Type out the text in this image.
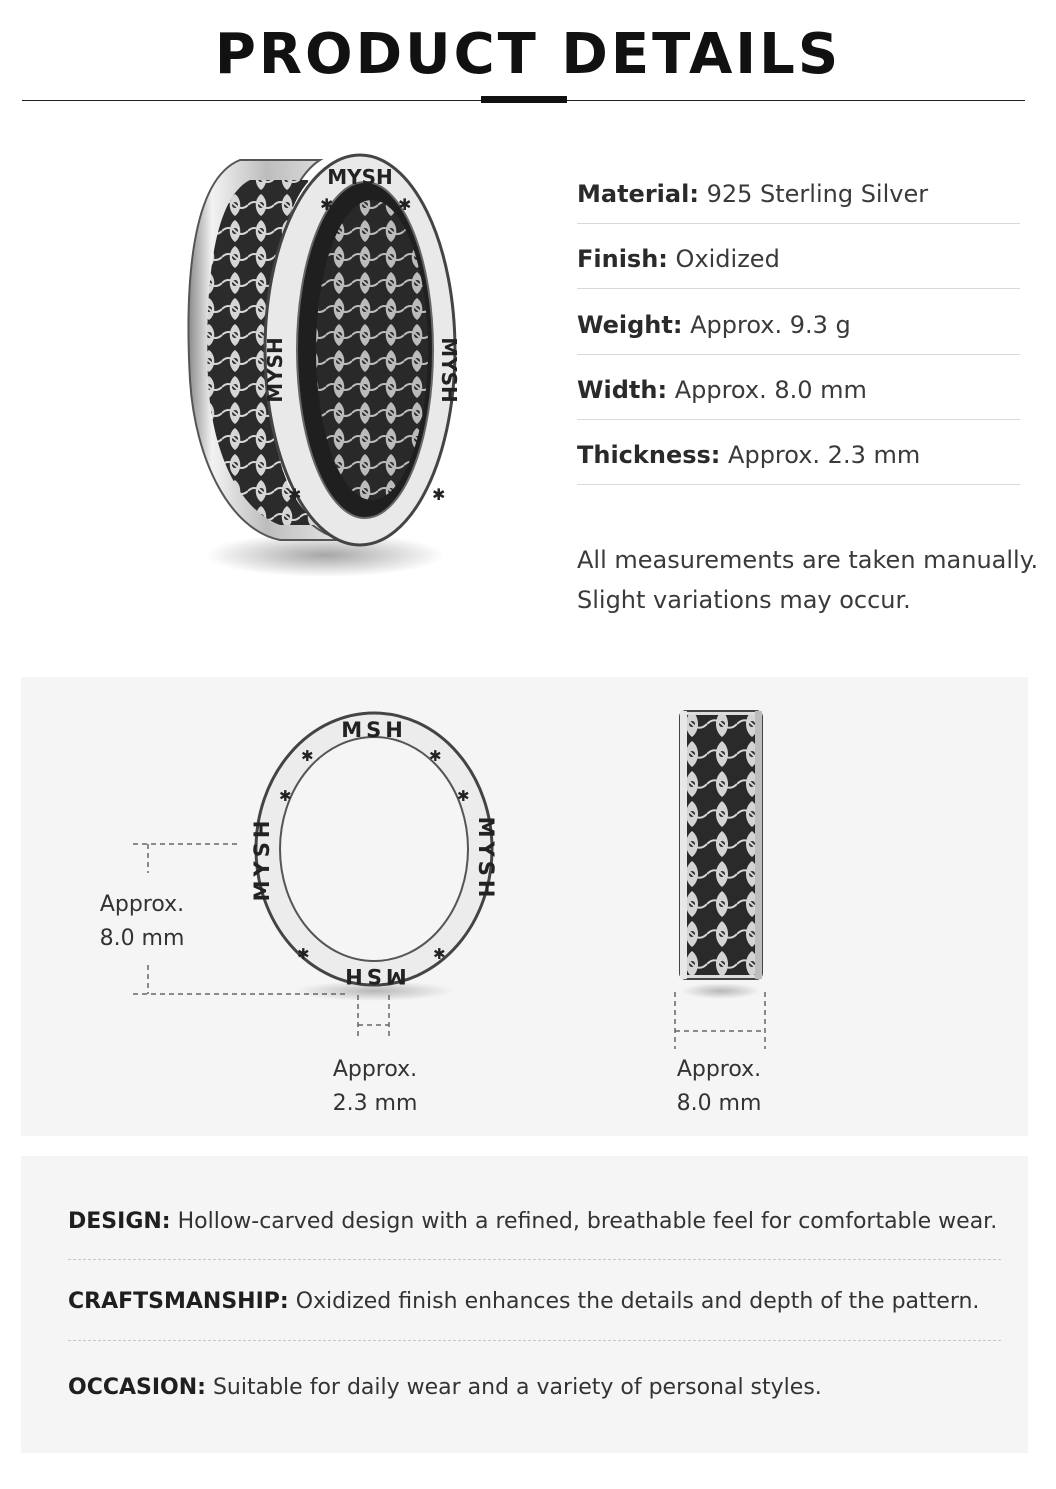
PRODUCT DETAILS
MYSH
MYSH
MYSH
✱	✱
✱	✱
Material: 925 Sterling Silver
Finish: Oxidized
Weight: Approx. 9.3 g
Width: Approx. 8.0 mm
Thickness: Approx. 2.3 mm
All measurements are taken manually.
Slight variations may occur.
MSH
MSH
MYSH	MYSH
✱	✱
✱	✱
✱	✱
Approx.
8.0 mm
Approx.
2.3 mm
Approx.
8.0 mm
DESIGN: Hollow-carved design with a refined, breathable feel for comfortable wear.
CRAFTSMANSHIP: Oxidized finish enhances the details and depth of the pattern.
OCCASION: Suitable for daily wear and a variety of personal styles.
